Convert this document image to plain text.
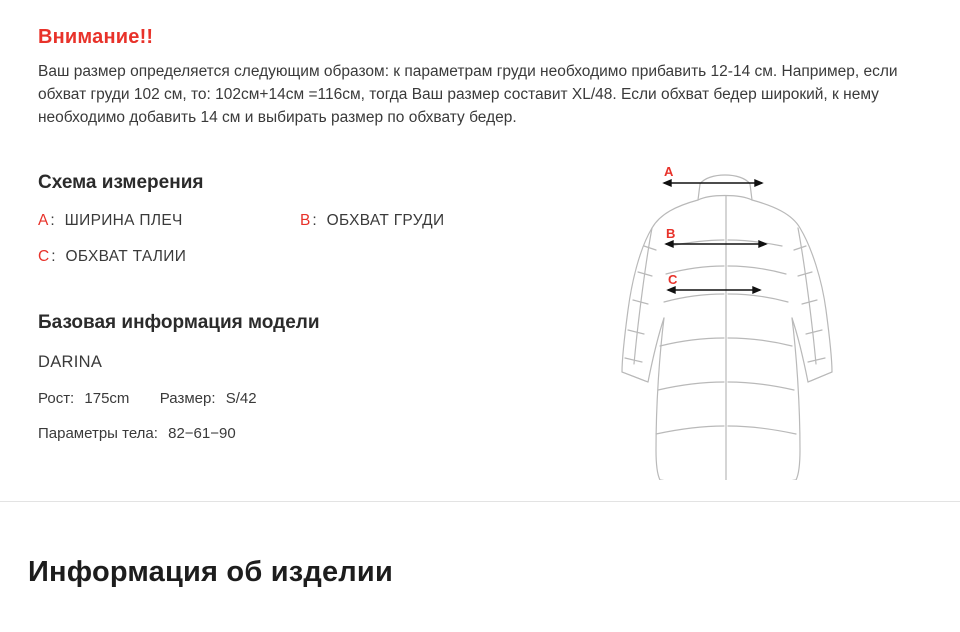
Внимание!!
Ваш размер определяется следующим образом: к параметрам груди необходимо прибавить 12-14 см. Например, если обхват груди 102 см, то: 102см+14см =116см, тогда Ваш размер составит XL/48. Если обхват бедер широкий, к нему необходимо добавить 14 см и выбирать размер по обхвату бедер.
Схема измерения
A : ШИРИНА ПЛЕЧ	B : ОБХВАТ ГРУДИ
C : ОБХВАТ ТАЛИИ
Базовая информация модели
DARINA
Рост: 175cm Размер: S/42
Параметры тела: 82−61−90
A
B
C
Информация об изделии
